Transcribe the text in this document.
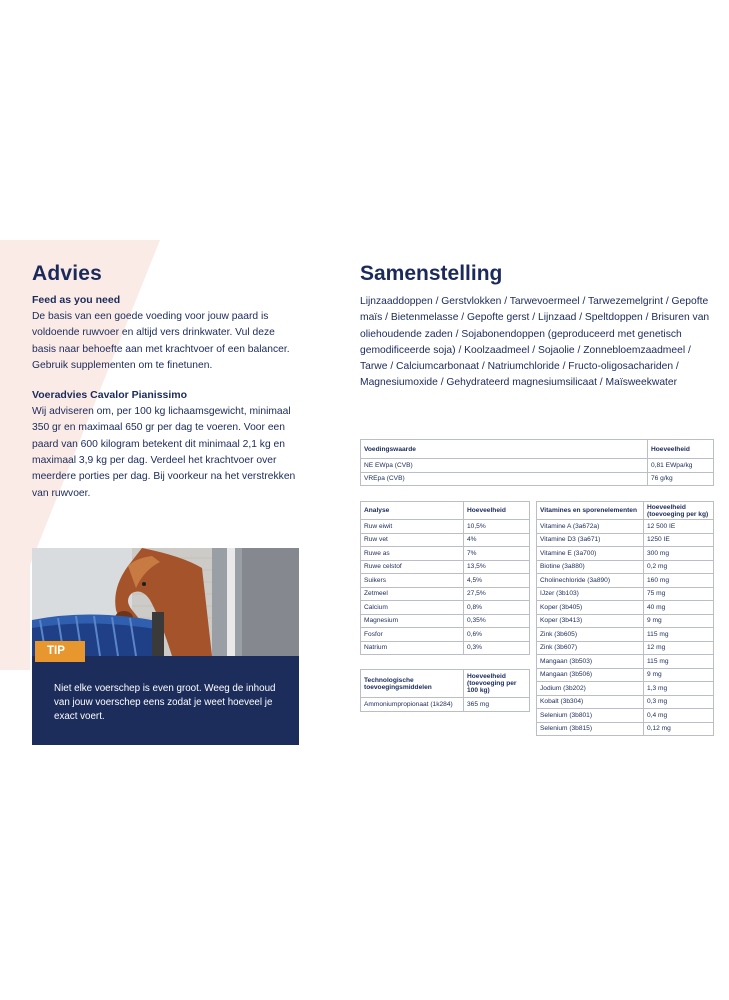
Advies
Feed as you need

De basis van een goede voeding voor jouw paard is voldoende ruwvoer en altijd vers drinkwater. Vul deze basis naar behoefte aan met krachtvoer of een balancer. Gebruik supplementen om te finetunen.

Voeradvies Cavalor Pianissimo

Wij adviseren om, per 100 kg lichaamsgewicht, minimaal 350 gr en maximaal 650 gr per dag te voeren. Voor een paard van 600 kilogram betekent dit minimaal 2,1 kg en maximaal 3,9 kg per dag. Verdeel het krachtvoer over meerdere porties per dag. Bij voorkeur na het verstrekken van ruwvoer.

TIP
Niet elke voerschep is even groot. Weeg de inhoud van jouw voerschep eens zodat je weet hoeveel je exact voert.
Samenstelling

Lijnzaaddoppen / Gerstvlokken / Tarwevoermeel / Tarwezemelgrint / Gepofte maïs / Bietenmelasse / Gepofte gerst / Lijnzaad / Speltdoppen / Brisuren van oliehoudende zaden / Sojabonendoppen (geproduceerd met genetisch gemodificeerde soja) / Koolzaadmeel / Sojaolie / Zonnebloemzaadmeel / Tarwe / Calciumcarbonaat / Natriumchloride / Fructo-oligosachariden / Magnesiumoxide / Gehydrateerd magnesiumsilicaat / Maïsweekwater

Voedingswaarde	Hoeveelheid
NE EWpa (CVB)	0,81 EWpa/kg
VREpa (CVB)	76 g/kg
Analyse	Hoeveelheid
Ruw eiwit	10,5%
Ruw vet	4%
Ruwe as	7%
Ruwe celstof	13,5%
Suikers	4,5%
Zetmeel	27,5%
Calcium	0,8%
Magnesium	0,35%
Fosfor	0,6%
Natrium	0,3%
Technologische toevoegingsmiddelen	Hoeveelheid (toevoeging per 100 kg)
Ammoniumpropionaat (1k284)	365 mg
Vitamines en sporenelementen	Hoeveelheid (toevoeging per kg)
Vitamine A (3a672a)	12 500 IE
Vitamine D3 (3a671)	1250 IE
Vitamine E (3a700)	300 mg
Biotine (3a880)	0,2 mg
Cholinechloride (3a890)	160 mg
IJzer (3b103)	75 mg
Koper (3b405)	40 mg
Koper (3b413)	9 mg
Zink (3b605)	115 mg
Zink (3b607)	12 mg
Mangaan (3b503)	115 mg
Mangaan (3b506)	9 mg
Jodium (3b202)	1,3 mg
Kobalt (3b304)	0,3 mg
Selenium (3b801)	0,4 mg
Selenium (3b815)	0,12 mg
